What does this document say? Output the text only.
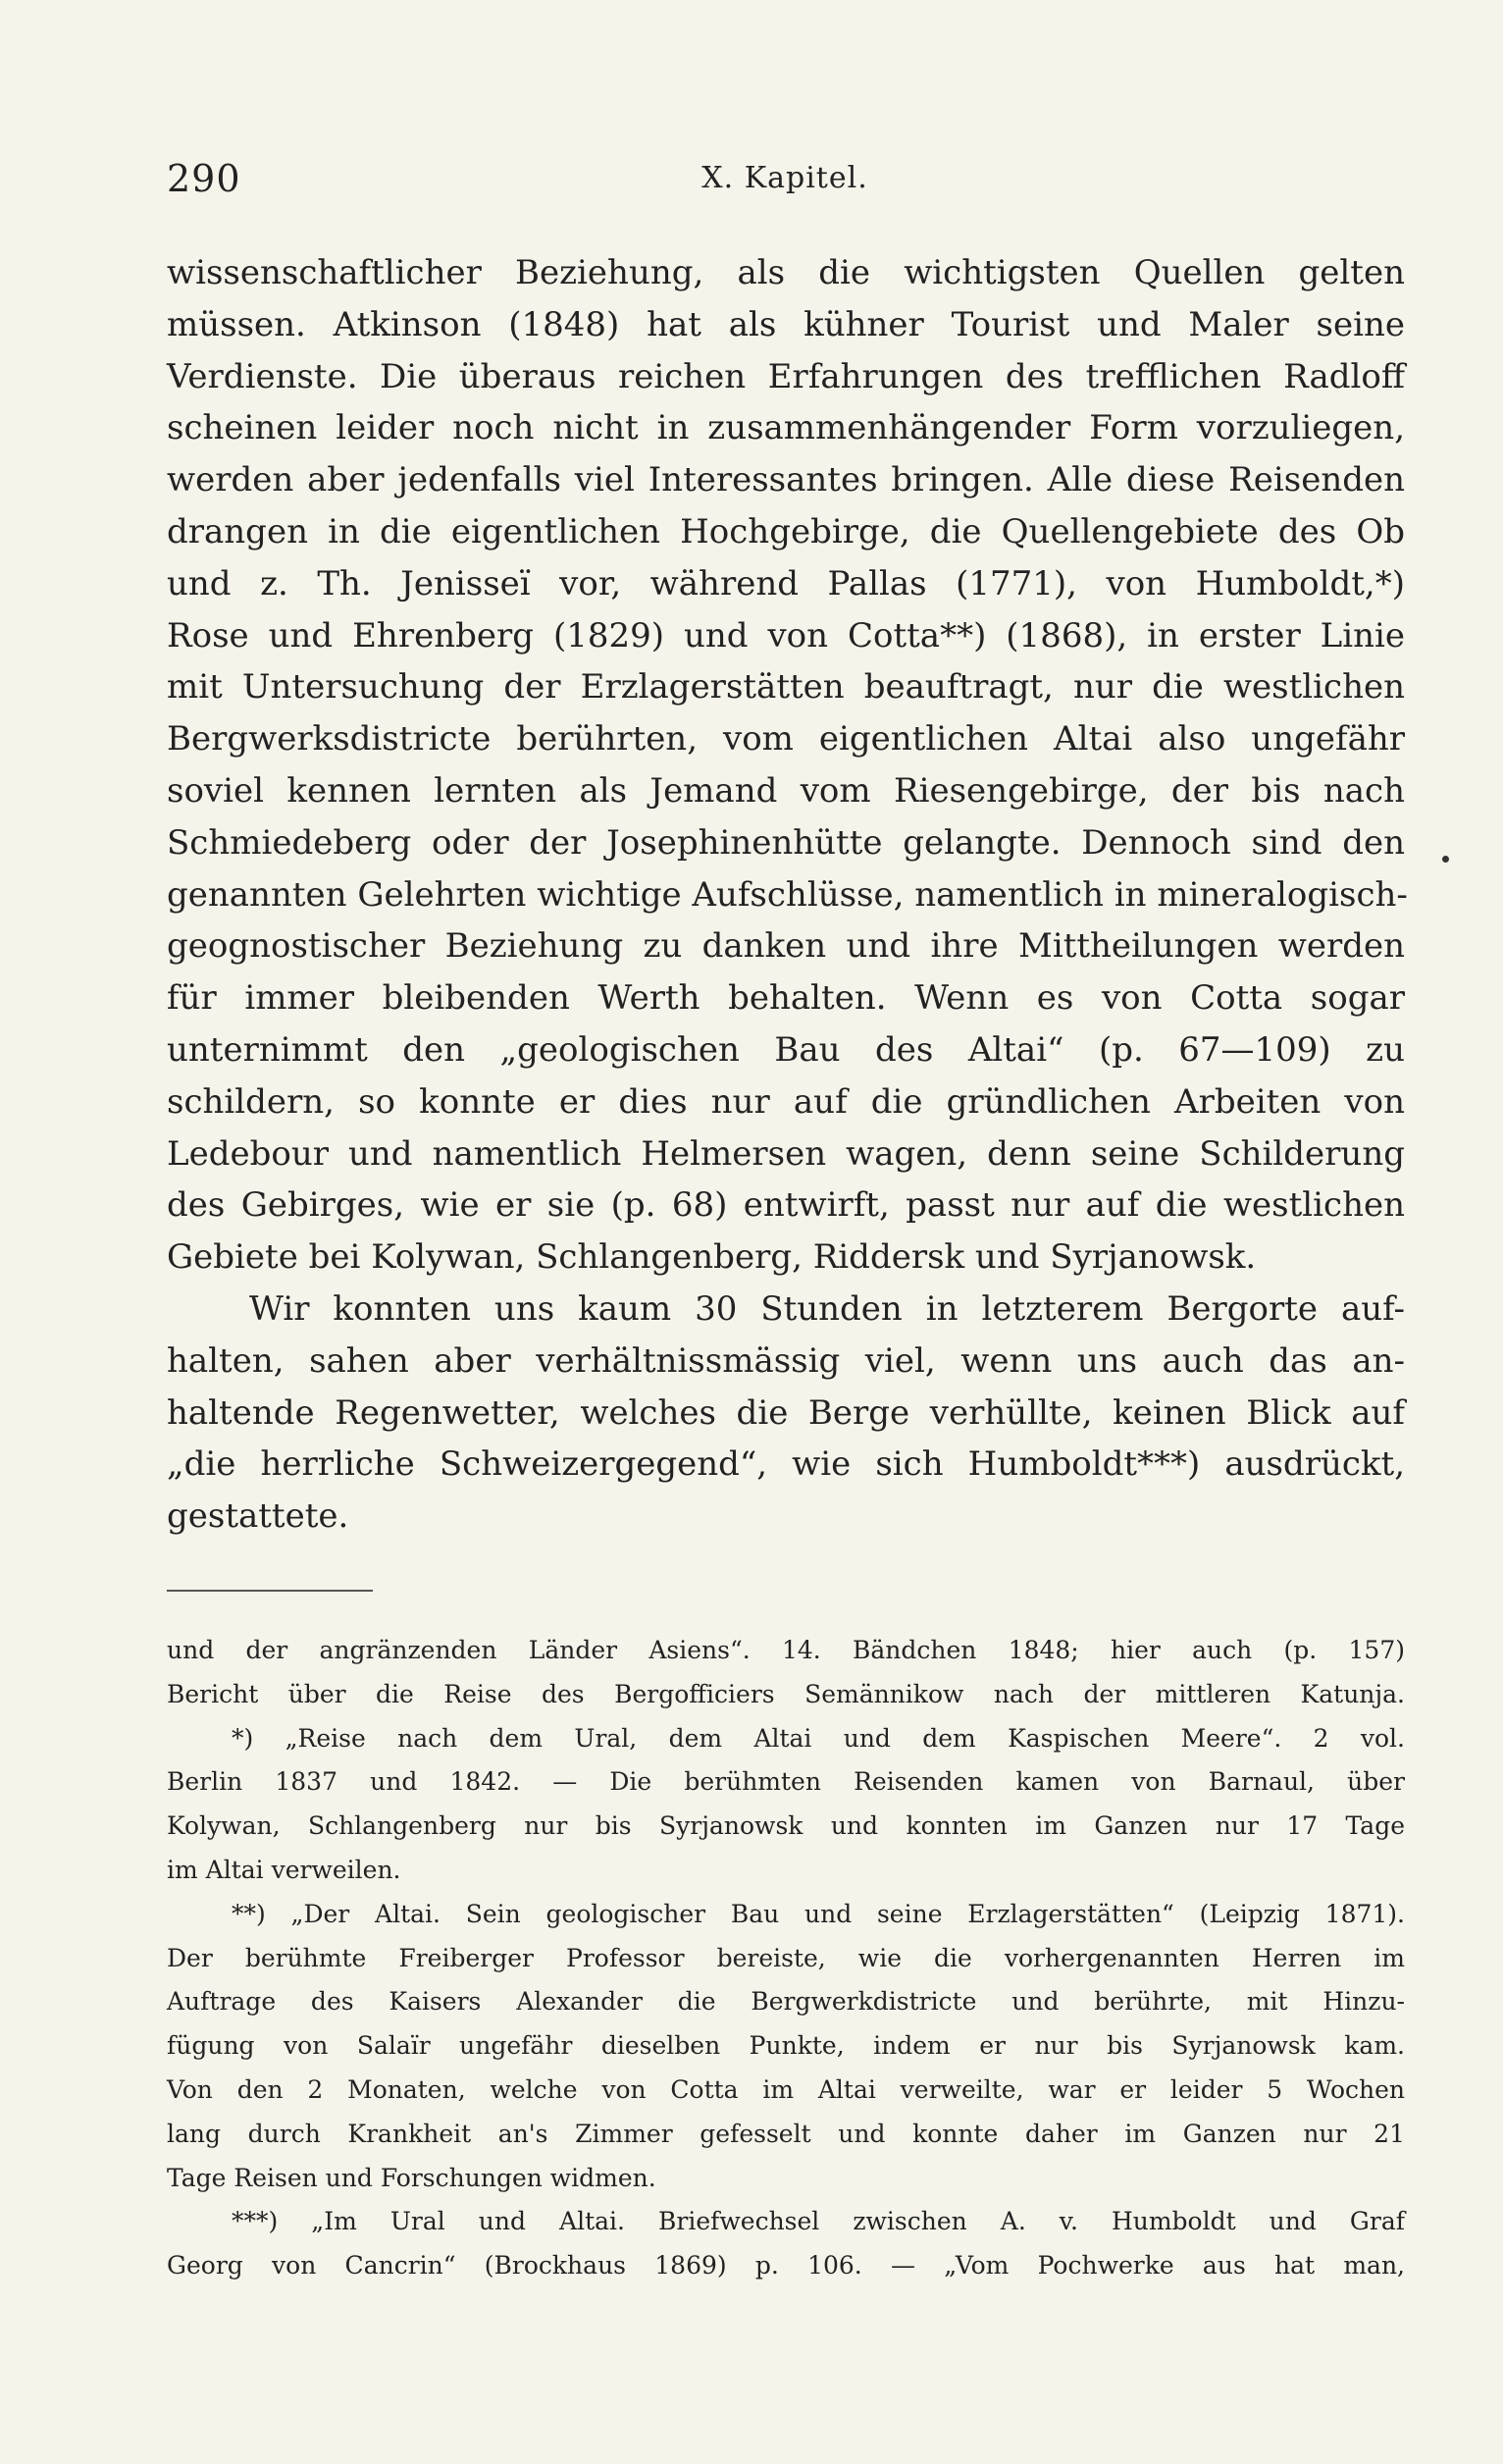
290	X. Kapitel.

wissenschaftlicher Beziehung, als die wichtigsten Quellen gelten
müssen. Atkinson (1848) hat als kühner Tourist und Maler seine
Verdienste. Die überaus reichen Erfahrungen des trefflichen Radloff
scheinen leider noch nicht in zusammenhängender Form vorzuliegen,
werden aber jedenfalls viel Interessantes bringen. Alle diese Reisenden
drangen in die eigentlichen Hochgebirge, die Quellengebiete des Ob
und z. Th. Jenisseï vor, während Pallas (1771), von Humboldt,*)
Rose und Ehrenberg (1829) und von Cotta**) (1868), in erster Linie
mit Untersuchung der Erzlagerstätten beauftragt, nur die westlichen
Bergwerksdistricte berührten, vom eigentlichen Altai also ungefähr
soviel kennen lernten als Jemand vom Riesengebirge, der bis nach
Schmiedeberg oder der Josephinenhütte gelangte. Dennoch sind den
genannten Gelehrten wichtige Aufschlüsse, namentlich in mineralogisch-
geognostischer Beziehung zu danken und ihre Mittheilungen werden
für immer bleibenden Werth behalten. Wenn es von Cotta sogar
unternimmt den „geologischen Bau des Altai“ (p. 67—109) zu
schildern, so konnte er dies nur auf die gründlichen Arbeiten von
Ledebour und namentlich Helmersen wagen, denn seine Schilderung
des Gebirges, wie er sie (p. 68) entwirft, passt nur auf die westlichen
Gebiete bei Kolywan, Schlangenberg, Riddersk und Syrjanowsk.

Wir konnten uns kaum 30 Stunden in letzterem Bergorte auf-
halten, sahen aber verhältnissmässig viel, wenn uns auch das an-
haltende Regenwetter, welches die Berge verhüllte, keinen Blick auf
„die herrliche Schweizergegend“, wie sich Humboldt***) ausdrückt,
gestattete.

und der angränzenden Länder Asiens“. 14. Bändchen 1848; hier auch (p. 157)
Bericht über die Reise des Bergofficiers Semännikow nach der mittleren Katunja.

*) „Reise nach dem Ural, dem Altai und dem Kaspischen Meere“. 2 vol.
Berlin 1837 und 1842. — Die berühmten Reisenden kamen von Barnaul, über
Kolywan, Schlangenberg nur bis Syrjanowsk und konnten im Ganzen nur 17 Tage
im Altai verweilen.

**) „Der Altai. Sein geologischer Bau und seine Erzlagerstätten“ (Leipzig 1871).
Der berühmte Freiberger Professor bereiste, wie die vorhergenannten Herren im
Auftrage des Kaisers Alexander die Bergwerkdistricte und berührte, mit Hinzu-
fügung von Salaïr ungefähr dieselben Punkte, indem er nur bis Syrjanowsk kam.
Von den 2 Monaten, welche von Cotta im Altai verweilte, war er leider 5 Wochen
lang durch Krankheit an's Zimmer gefesselt und konnte daher im Ganzen nur 21
Tage Reisen und Forschungen widmen.

***) „Im Ural und Altai. Briefwechsel zwischen A. v. Humboldt und Graf
Georg von Cancrin“ (Brockhaus 1869) p. 106. — „Vom Pochwerke aus hat man,
